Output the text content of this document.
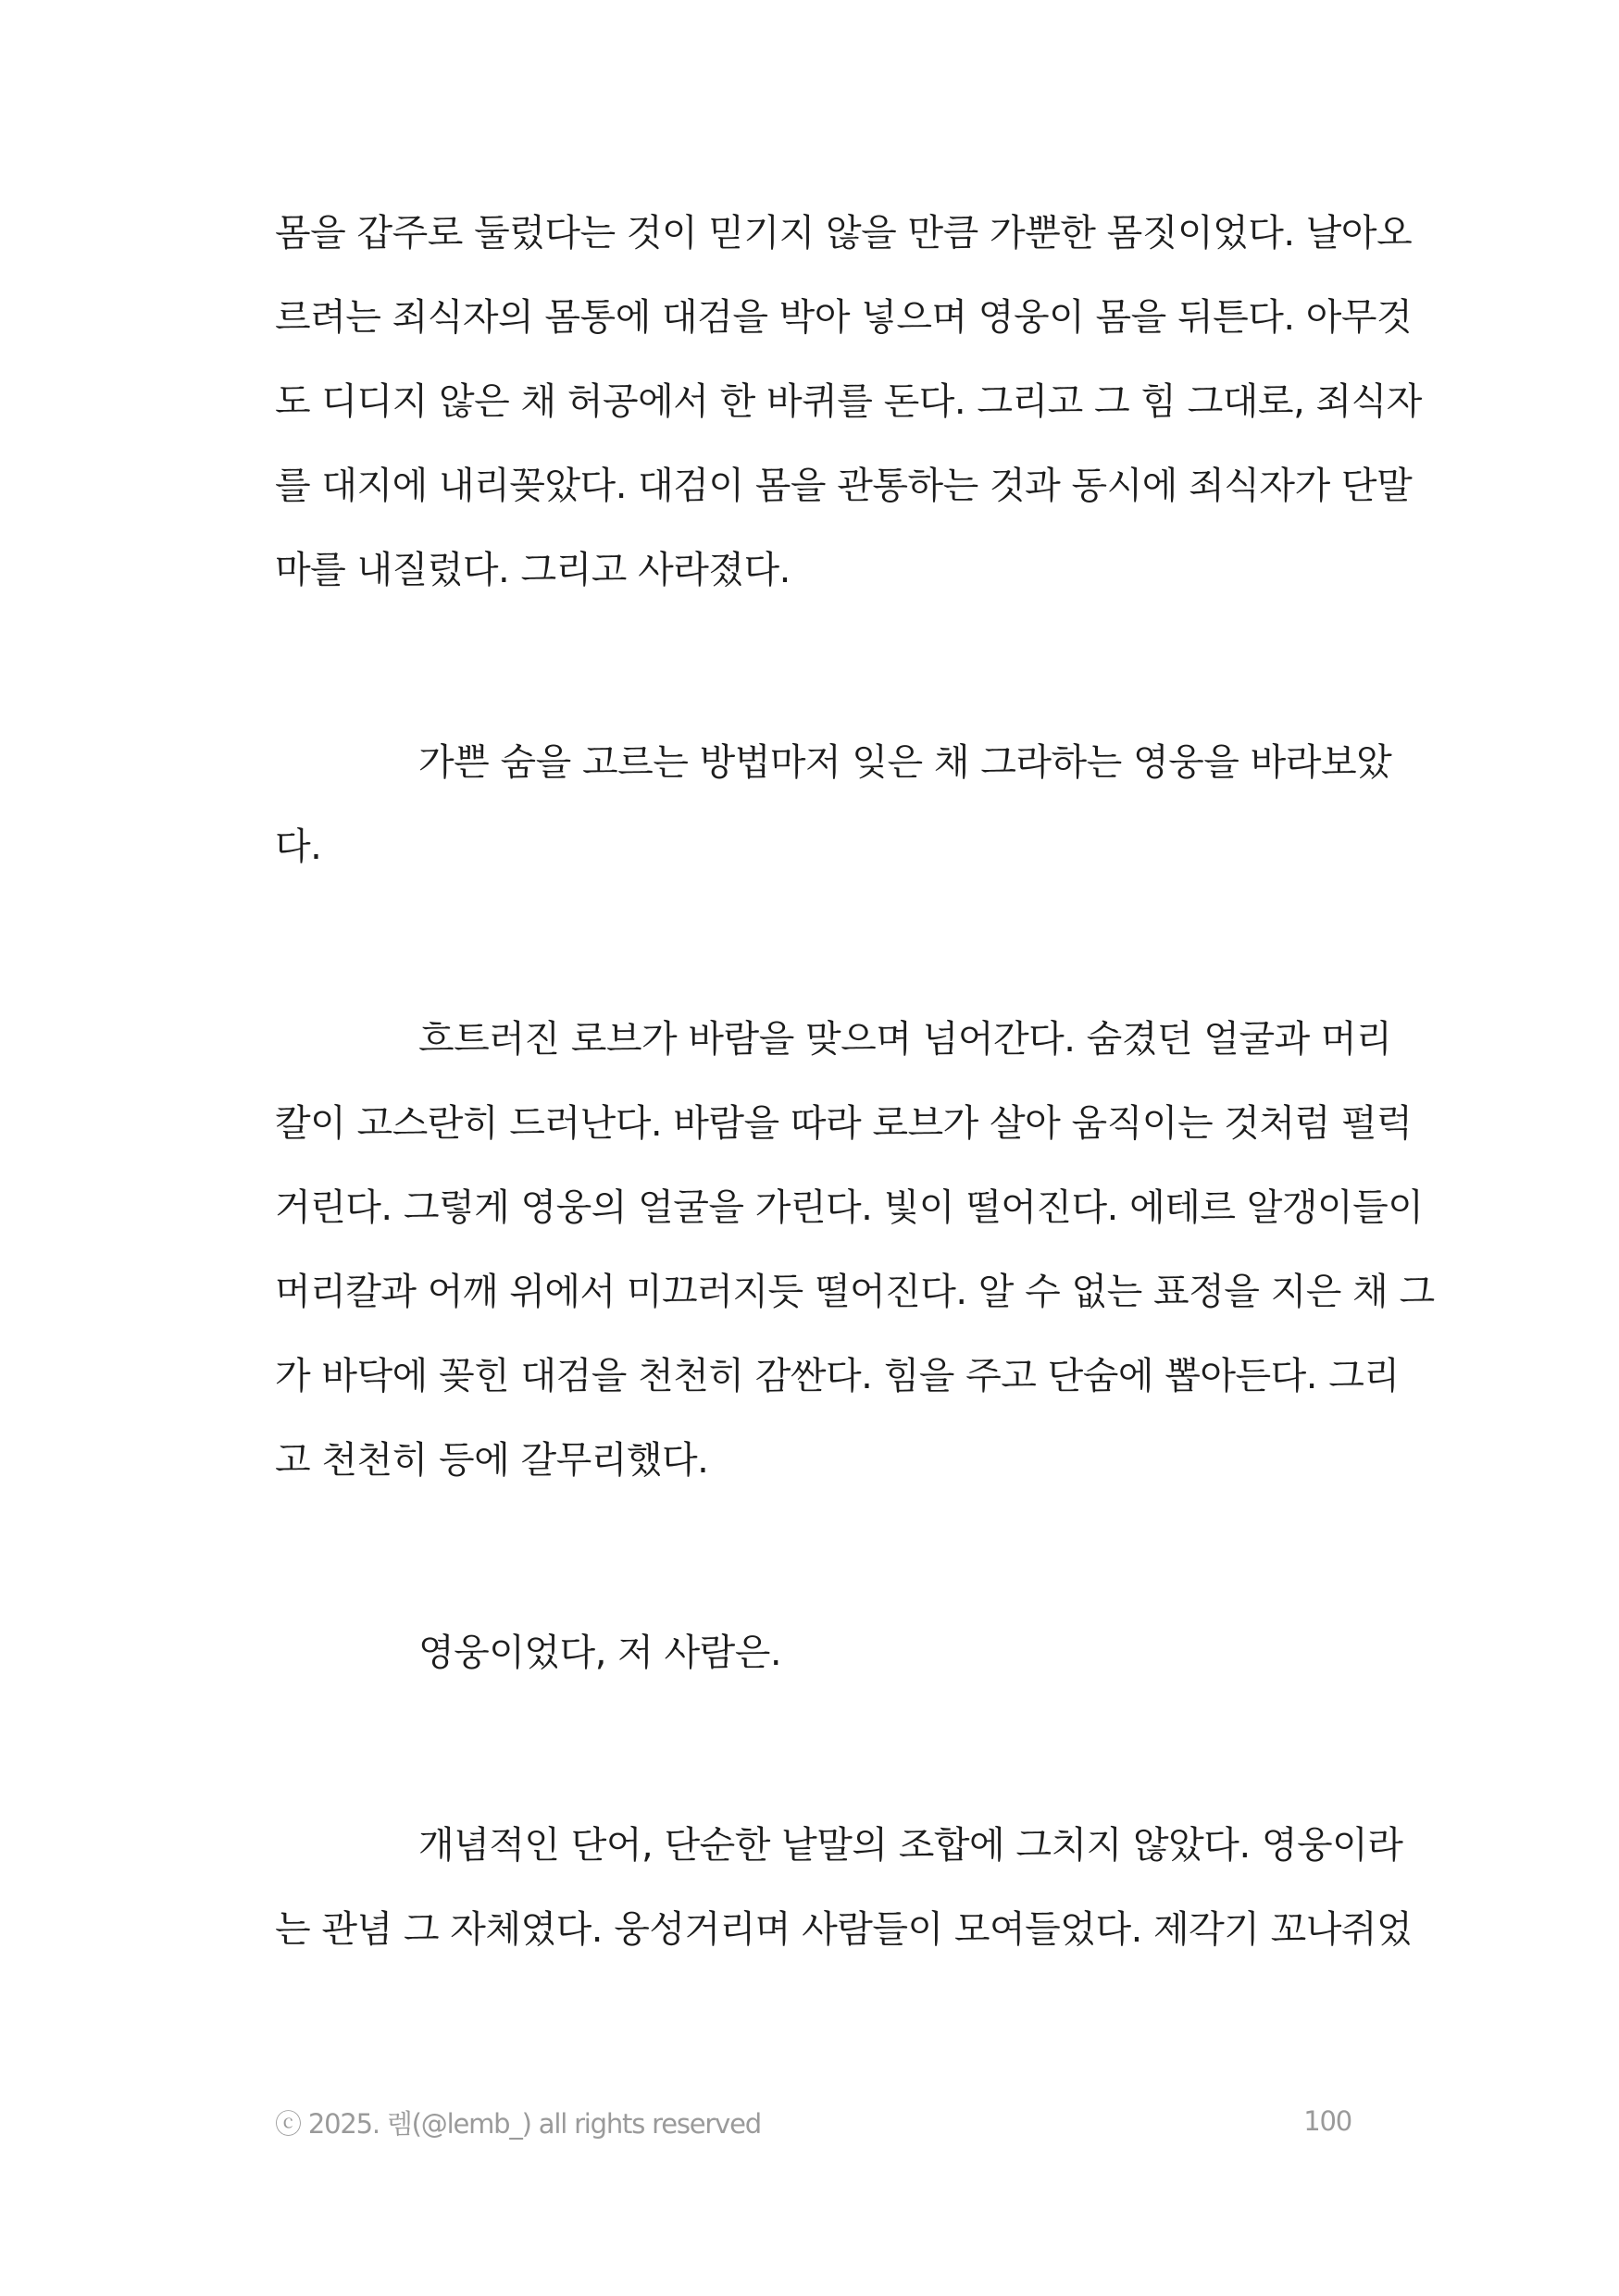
몸을 갑주로 둘렀다는 것이 믿기지 않을 만큼 가뿐한 몸짓이었다. 날아오
르려는 죄식자의 몸통에 대검을 박아 넣으며 영웅이 몸을 뒤튼다. 아무것
도 디디지 않은 채 허공에서 한 바퀴를 돈다. 그리고 그 힘 그대로, 죄식자
를 대지에 내리꽂았다. 대검이 몸을 관통하는 것과 동시에 죄식자가 단말
마를 내질렀다. 그리고 사라졌다.
가쁜 숨을 고르는 방법마저 잊은 채 그라하는 영웅을 바라보았
다.
흐트러진 로브가 바람을 맞으며 넘어간다. 숨겼던 얼굴과 머리
칼이 고스란히 드러난다. 바람을 따라 로브가 살아 움직이는 것처럼 펄럭
거린다. 그렇게 영웅의 얼굴을 가린다. 빛이 떨어진다. 에테르 알갱이들이
머리칼과 어깨 위에서 미끄러지듯 떨어진다. 알 수 없는 표정을 지은 채 그
가 바닥에 꽂힌 대검을 천천히 감싼다. 힘을 주고 단숨에 뽑아든다. 그리
고 천천히 등에 갈무리했다.
영웅이었다, 저 사람은.
개념적인 단어, 단순한 낱말의 조합에 그치지 않았다. 영웅이라
는 관념 그 자체였다. 웅성거리며 사람들이 모여들었다. 제각기 꼬나쥐었
ⓒ 2025. 렘(@lemb_) all rights reserved	100
